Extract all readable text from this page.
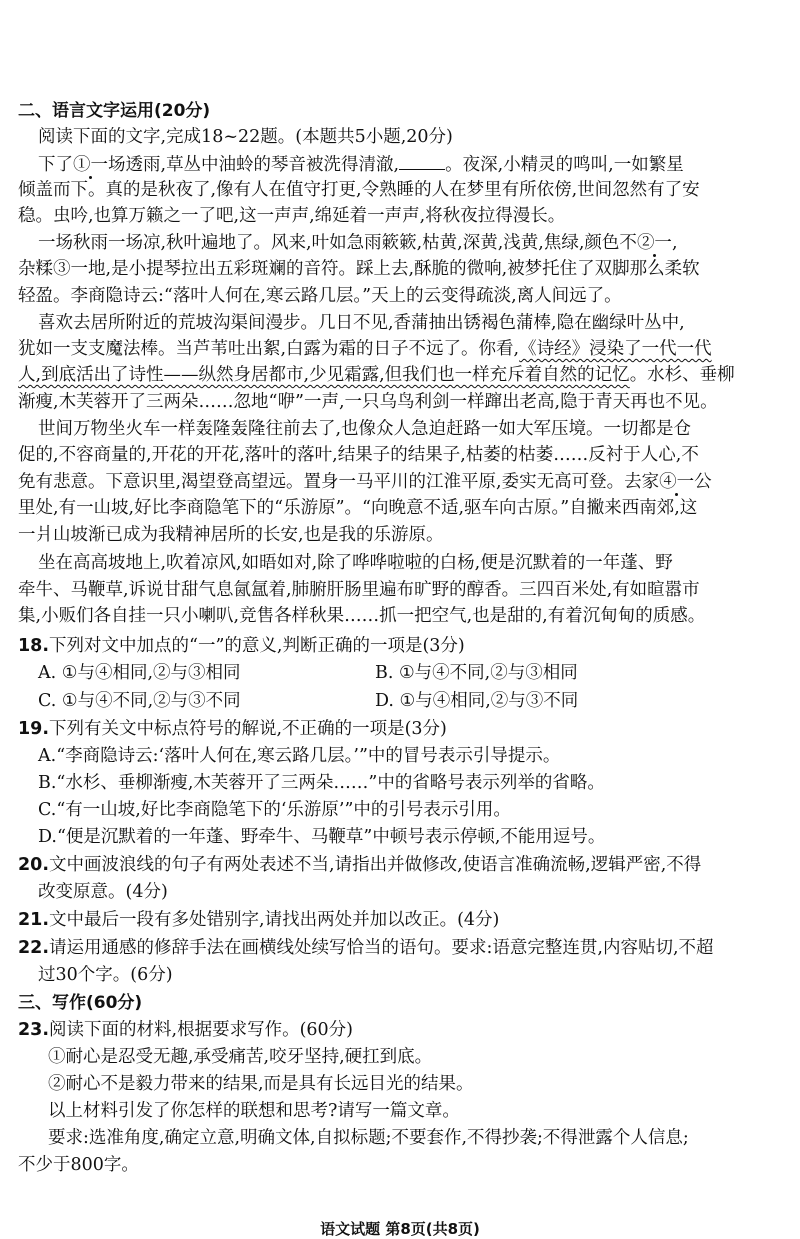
二、语言文字运用(20分)
阅读下面的文字,完成18~22题。(本题共5小题,20分)
下了①一场透雨,草丛中油蛉的琴音被洗得清澈,	。夜深,小精灵的鸣叫,一如繁星
倾盖而下。真的是秋夜了,像有人在值守打更,令熟睡的人在梦里有所依傍,世间忽然有了安
稳。虫吟,也算万籁之一了吧,这一声声,绵延着一声声,将秋夜拉得漫长。
一场秋雨一场凉,秋叶遍地了。风来,叶如急雨簌簌,枯黄,深黄,浅黄,焦绿,颜色不②一,
杂糅③一地,是小提琴拉出五彩斑斓的音符。踩上去,酥脆的微响,被梦托住了双脚那么柔软
轻盈。李商隐诗云:“落叶人何在,寒云路几层。”天上的云变得疏淡,离人间远了。
喜欢去居所附近的荒坡沟渠间漫步。几日不见,香蒲抽出锈褐色蒲棒,隐在幽绿叶丛中,
犹如一支支魔法棒。当芦苇吐出絮,白露为霜的日子不远了。你看,《诗经》浸染了一代一代
人,到底活出了诗性——纵然身居都市,少见霜露,但我们也一样充斥着自然的记忆。水杉、垂柳
渐瘦,木芙蓉开了三两朵……忽地“咿”一声,一只乌鸟利剑一样蹿出老高,隐于青天再也不见。
世间万物坐火车一样轰隆轰隆往前去了,也像众人急迫赶路一如大军压境。一切都是仓
促的,不容商量的,开花的开花,落叶的落叶,结果子的结果子,枯萎的枯萎……反衬于人心,不
免有悲意。下意识里,渴望登高望远。置身一马平川的江淮平原,委实无高可登。去家④一公
里处,有一山坡,好比李商隐笔下的“乐游原”。“向晚意不适,驱车向古原。”自撇来西南郊,这
一爿山坡渐已成为我精神居所的长安,也是我的乐游原。
坐在高高坡地上,吹着凉风,如晤如对,除了哗哗啦啦的白杨,便是沉默着的一年蓬、野
牵牛、马鞭草,诉说甘甜气息氤氲着,肺腑肝肠里遍布旷野的醇香。三四百米处,有如暄嚣市
集,小贩们各自挂一只小喇叭,竞售各样秋果……抓一把空气,也是甜的,有着沉甸甸的质感。
18.下列对文中加点的“一”的意义,判断正确的一项是(3分)
A. ①与④相同,②与③相同	B. ①与④不同,②与③相同
C. ①与④不同,②与③不同	D. ①与④相同,②与③不同
19.下列有关文中标点符号的解说,不正确的一项是(3分)
A.“李商隐诗云:‘落叶人何在,寒云路几层。’”中的冒号表示引导提示。
B.“水杉、垂柳渐瘦,木芙蓉开了三两朵……”中的省略号表示列举的省略。
C.“有一山坡,好比李商隐笔下的‘乐游原’”中的引号表示引用。
D.“便是沉默着的一年蓬、野牵牛、马鞭草”中顿号表示停顿,不能用逗号。
20.文中画波浪线的句子有两处表述不当,请指出并做修改,使语言准确流畅,逻辑严密,不得
改变原意。(4分)
21.文中最后一段有多处错别字,请找出两处并加以改正。(4分)
22.请运用通感的修辞手法在画横线处续写恰当的语句。要求:语意完整连贯,内容贴切,不超
过30个字。(6分)
三、写作(60分)
23.阅读下面的材料,根据要求写作。(60分)
①耐心是忍受无趣,承受痛苦,咬牙坚持,硬扛到底。
②耐心不是毅力带来的结果,而是具有长远目光的结果。
以上材料引发了你怎样的联想和思考?请写一篇文章。
要求:选准角度,确定立意,明确文体,自拟标题;不要套作,不得抄袭;不得泄露个人信息;
不少于800字。
语文试题 第8页(共8页)
